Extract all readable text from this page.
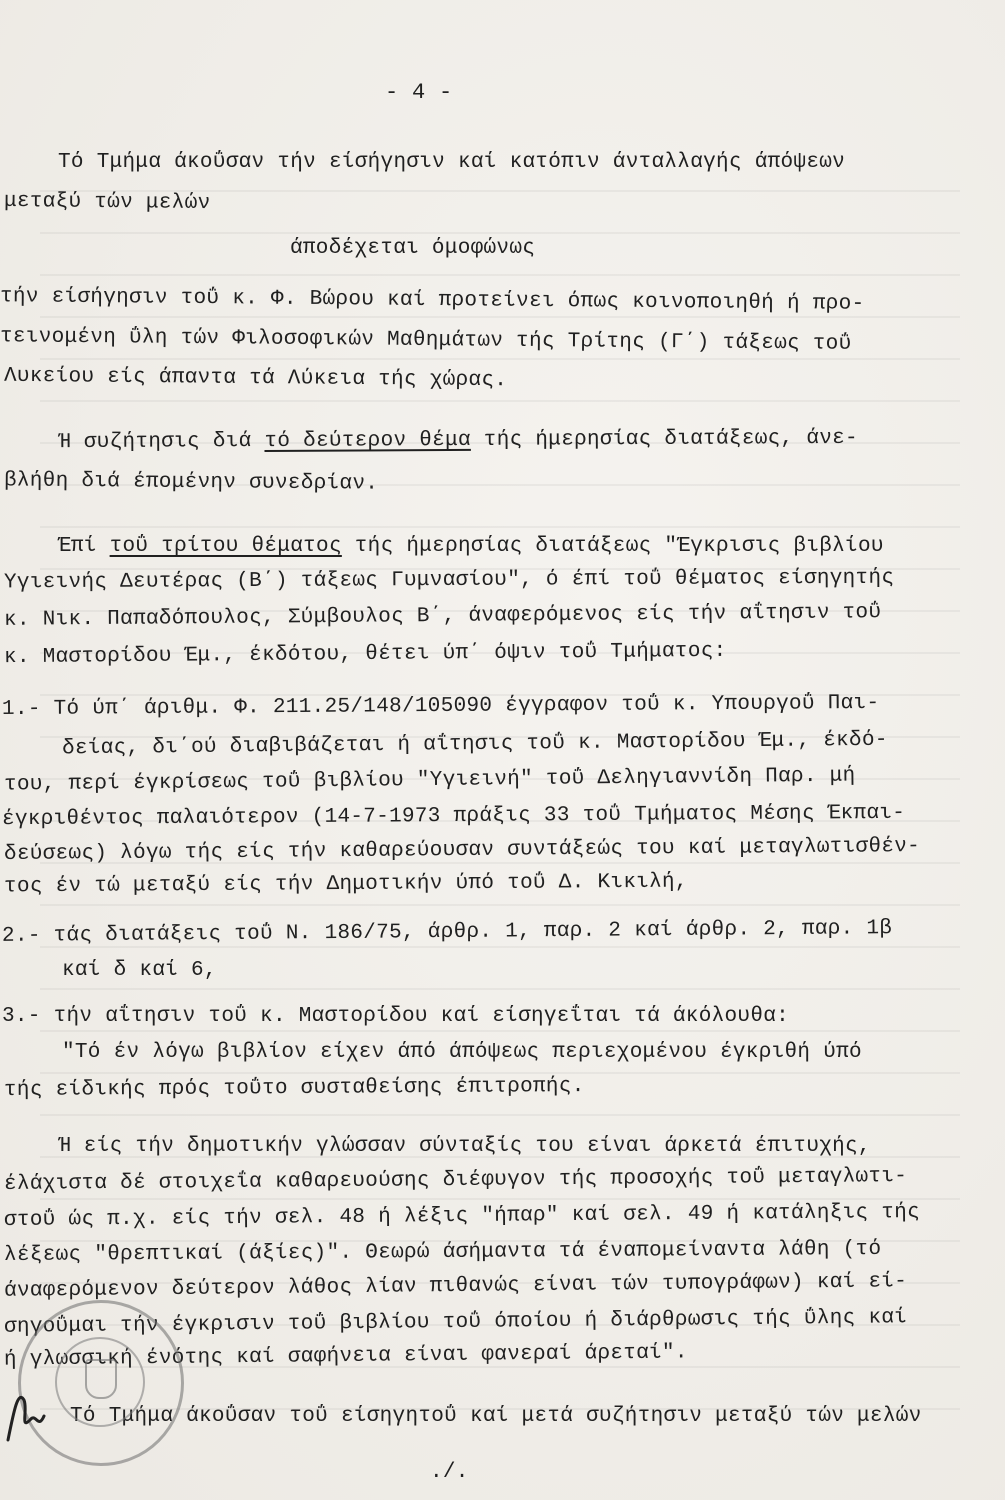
- 4 -
Τό Τμήμα άκοΰσαν τήν είσήγησιν καί κατόπιν άνταλλαγής άπόψεων
μεταξύ τών μελών
άποδέχεται όμοφώνως
τήν είσήγησιν τοΰ κ. Φ. Βώρου καί προτείνει όπως κοινοποιηθή ή προ-
τεινομένη ΰλη τών Φιλοσοφικών Μαθημάτων τής Τρίτης (Γ΄) τάξεως τοΰ
Λυκείου είς άπαντα τά Λύκεια τής χώρας.
Ή συζήτησις διά τό δεύτερον θέμα τής ήμερησίας διατάξεως, άνε-
βλήθη διά έπομένην συνεδρίαν.
Έπί τοΰ τρίτου θέματος τής ήμερησίας διατάξεως "Έγκρισις βιβλίου
Υγιεινής Δευτέρας (Β΄) τάξεως Γυμνασίου", ό έπί τοΰ θέματος είσηγητής
κ. Νικ. Παπαδόπουλος, Σύμβουλος Β΄, άναφερόμενος είς τήν αΐτησιν τοΰ
κ. Μαστορίδου Έμ., έκδότου, θέτει ύπ΄ όψιν τοΰ Τμήματος:
1.- Τό ύπ΄ άριθμ. Φ. 211.25/148/105090 έγγραφον τοΰ κ. Υπουργοΰ Παι-
δείας, δι΄ού διαβιβάζεται ή αΐτησις τοΰ κ. Μαστορίδου Έμ., έκδό-
του, περί έγκρίσεως τοΰ βιβλίου "Υγιεινή" τοΰ Δεληγιαννίδη Παρ. μή
έγκριθέντος παλαιότερον (14-7-1973 πράξις 33 τοΰ Τμήματος Μέσης Έκπαι-
δεύσεως) λόγω τής είς τήν καθαρεύουσαν συντάξεώς του καί μεταγλωτισθέν-
τος έν τώ μεταξύ είς τήν Δημοτικήν ύπό τοΰ Δ. Κικιλή,
2.- τάς διατάξεις τοΰ Ν. 186/75, άρθρ. 1, παρ. 2 καί άρθρ. 2, παρ. 1β
καί δ καί 6,
3.- τήν αΐτησιν τοΰ κ. Μαστορίδου καί είσηγεΐται τά άκόλουθα:
"Τό έν λόγω βιβλίον είχεν άπό άπόψεως περιεχομένου έγκριθή ύπό
τής είδικής πρός τοΰτο συσταθείσης έπιτροπής.
Ή είς τήν δημοτικήν γλώσσαν σύνταξίς του είναι άρκετά έπιτυχής,
έλάχιστα δέ στοιχεΐα καθαρευούσης διέφυγον τής προσοχής τοΰ μεταγλωτι-
στοΰ ώς π.χ. είς τήν σελ. 48 ή λέξις "ήπαρ" καί σελ. 49 ή κατάληξις τής
λέξεως "θρεπτικαί (άξίες)". Θεωρώ άσήμαντα τά έναπομείναντα λάθη (τό
άναφερόμενον δεύτερον λάθος λίαν πιθανώς είναι τών τυπογράφων) καί εί-
σηγοΰμαι τήν έγκρισιν τοΰ βιβλίου τοΰ όποίου ή διάρθρωσις τής ΰλης καί
ή γλωσσική ένότης καί σαφήνεια είναι φανεραί άρεταί".
Τό Τμήμα άκοΰσαν τοΰ είσηγητοΰ καί μετά συζήτησιν μεταξύ τών μελών
./.
